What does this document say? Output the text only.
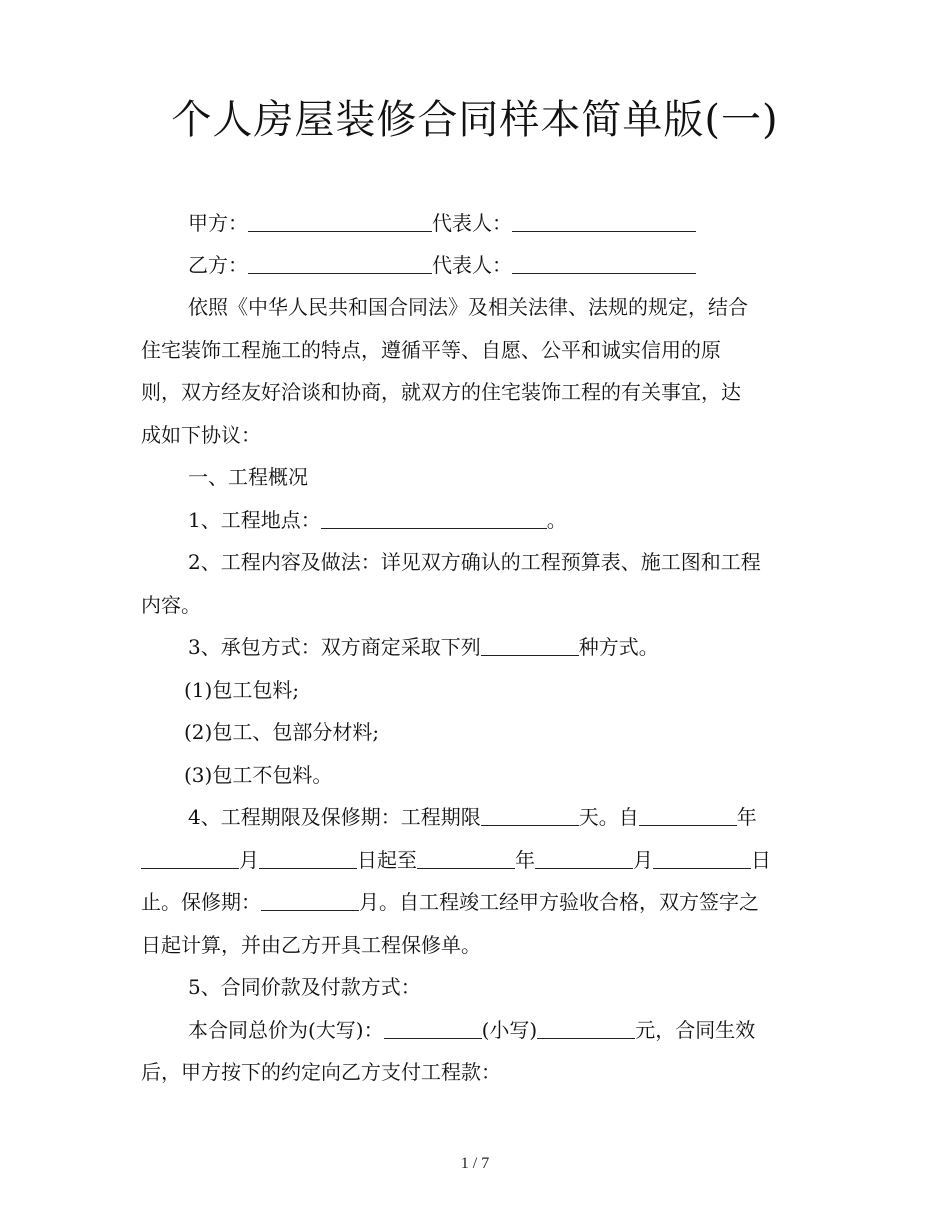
个人房屋装修合同样本简单版(一)
甲方：	代表人：
乙方：	代表人：
依照《中华人民共和国合同法》及相关法律、法规的规定，结合
住宅装饰工程施工的特点，遵循平等、自愿、公平和诚实信用的原
则，双方经友好洽谈和协商，就双方的住宅装饰工程的有关事宜，达
成如下协议：
一、工程概况
1、工程地点：	。
2、工程内容及做法：详见双方确认的工程预算表、施工图和工程
内容。
3、承包方式：双方商定采取下列	种方式。
(1)包工包料;
(2)包工、包部分材料;
(3)包工不包料。
4、工程期限及保修期：工程期限	天。自	年
月	日起至	年	月	日
止。保修期：	月。自工程竣工经甲方验收合格，双方签字之
日起计算，并由乙方开具工程保修单。
5、合同价款及付款方式：
本合同总价为(大写)：	(小写)	元，合同生效
后，甲方按下的约定向乙方支付工程款：
1 / 7
